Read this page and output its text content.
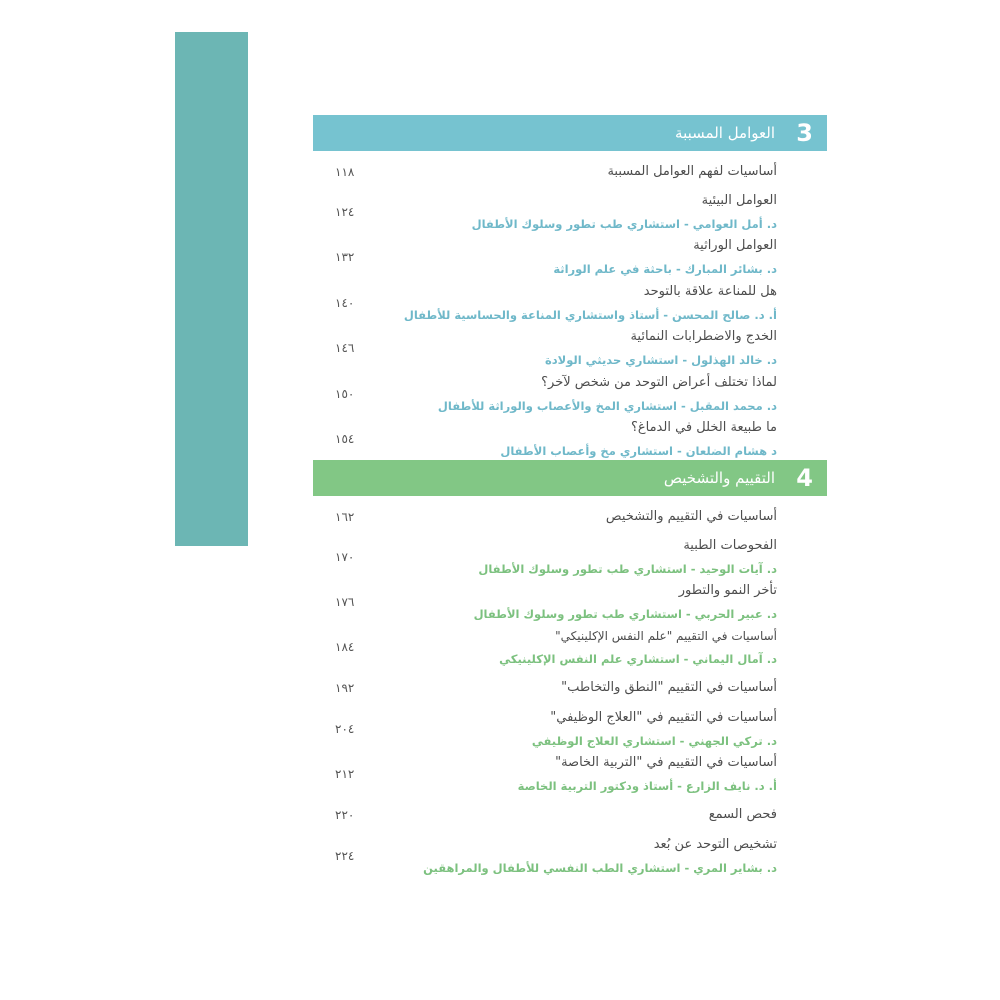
3
العوامل المسببة
أساسيات لفهم العوامل المسببة
١١٨
العوامل البيئية
د. أمل العوامي - استشاري طب تطور وسلوك الأطفال
١٢٤
العوامل الوراثية
د. بشائر المبارك - باحثة في علم الوراثة
١٣٢
هل للمناعة علاقة بالتوحد
أ. د. صالح المحسن - أستاذ واستشاري المناعة والحساسية للأطفال
١٤٠
الخدج والاضطرابات النمائية
د. خالد الهذلول - استشاري حديثي الولادة
١٤٦
لماذا تختلف أعراض التوحد من شخص لآخر؟
د. محمد المقبل - استشاري المخ والأعصاب والوراثة للأطفال
١٥٠
ما طبيعة الخلل في الدماغ؟
د هشام الضلعان - استشاري مخ وأعصاب الأطفال
١٥٤
4
التقييم والتشخيص
أساسيات في التقييم والتشخيص
١٦٢
الفحوصات الطبية
د. آيات الوحيد - استشاري طب تطور وسلوك الأطفال
١٧٠
تأخر النمو والتطور
د. عبير الحربي - استشاري طب تطور وسلوك الأطفال
١٧٦
أساسيات في التقييم "علم النفس الإكلينيكي"
د. آمال اليماني - استشاري علم النفس الإكلينيكي
١٨٤
أساسيات في التقييم "النطق والتخاطب"
١٩٢
أساسيات في التقييم في "العلاج الوظيفي"
د. تركي الجهني - استشاري العلاج الوظيفي
٢٠٤
أساسيات في التقييم في "التربية الخاصة"
أ. د. نايف الزارع - أستاذ ودكتور التربية الخاصة
٢١٢
فحص السمع
٢٢٠
تشخيص التوحد عن بُعد
د. بشاير المري - استشاري الطب النفسي للأطفال والمراهقين
٢٢٤
